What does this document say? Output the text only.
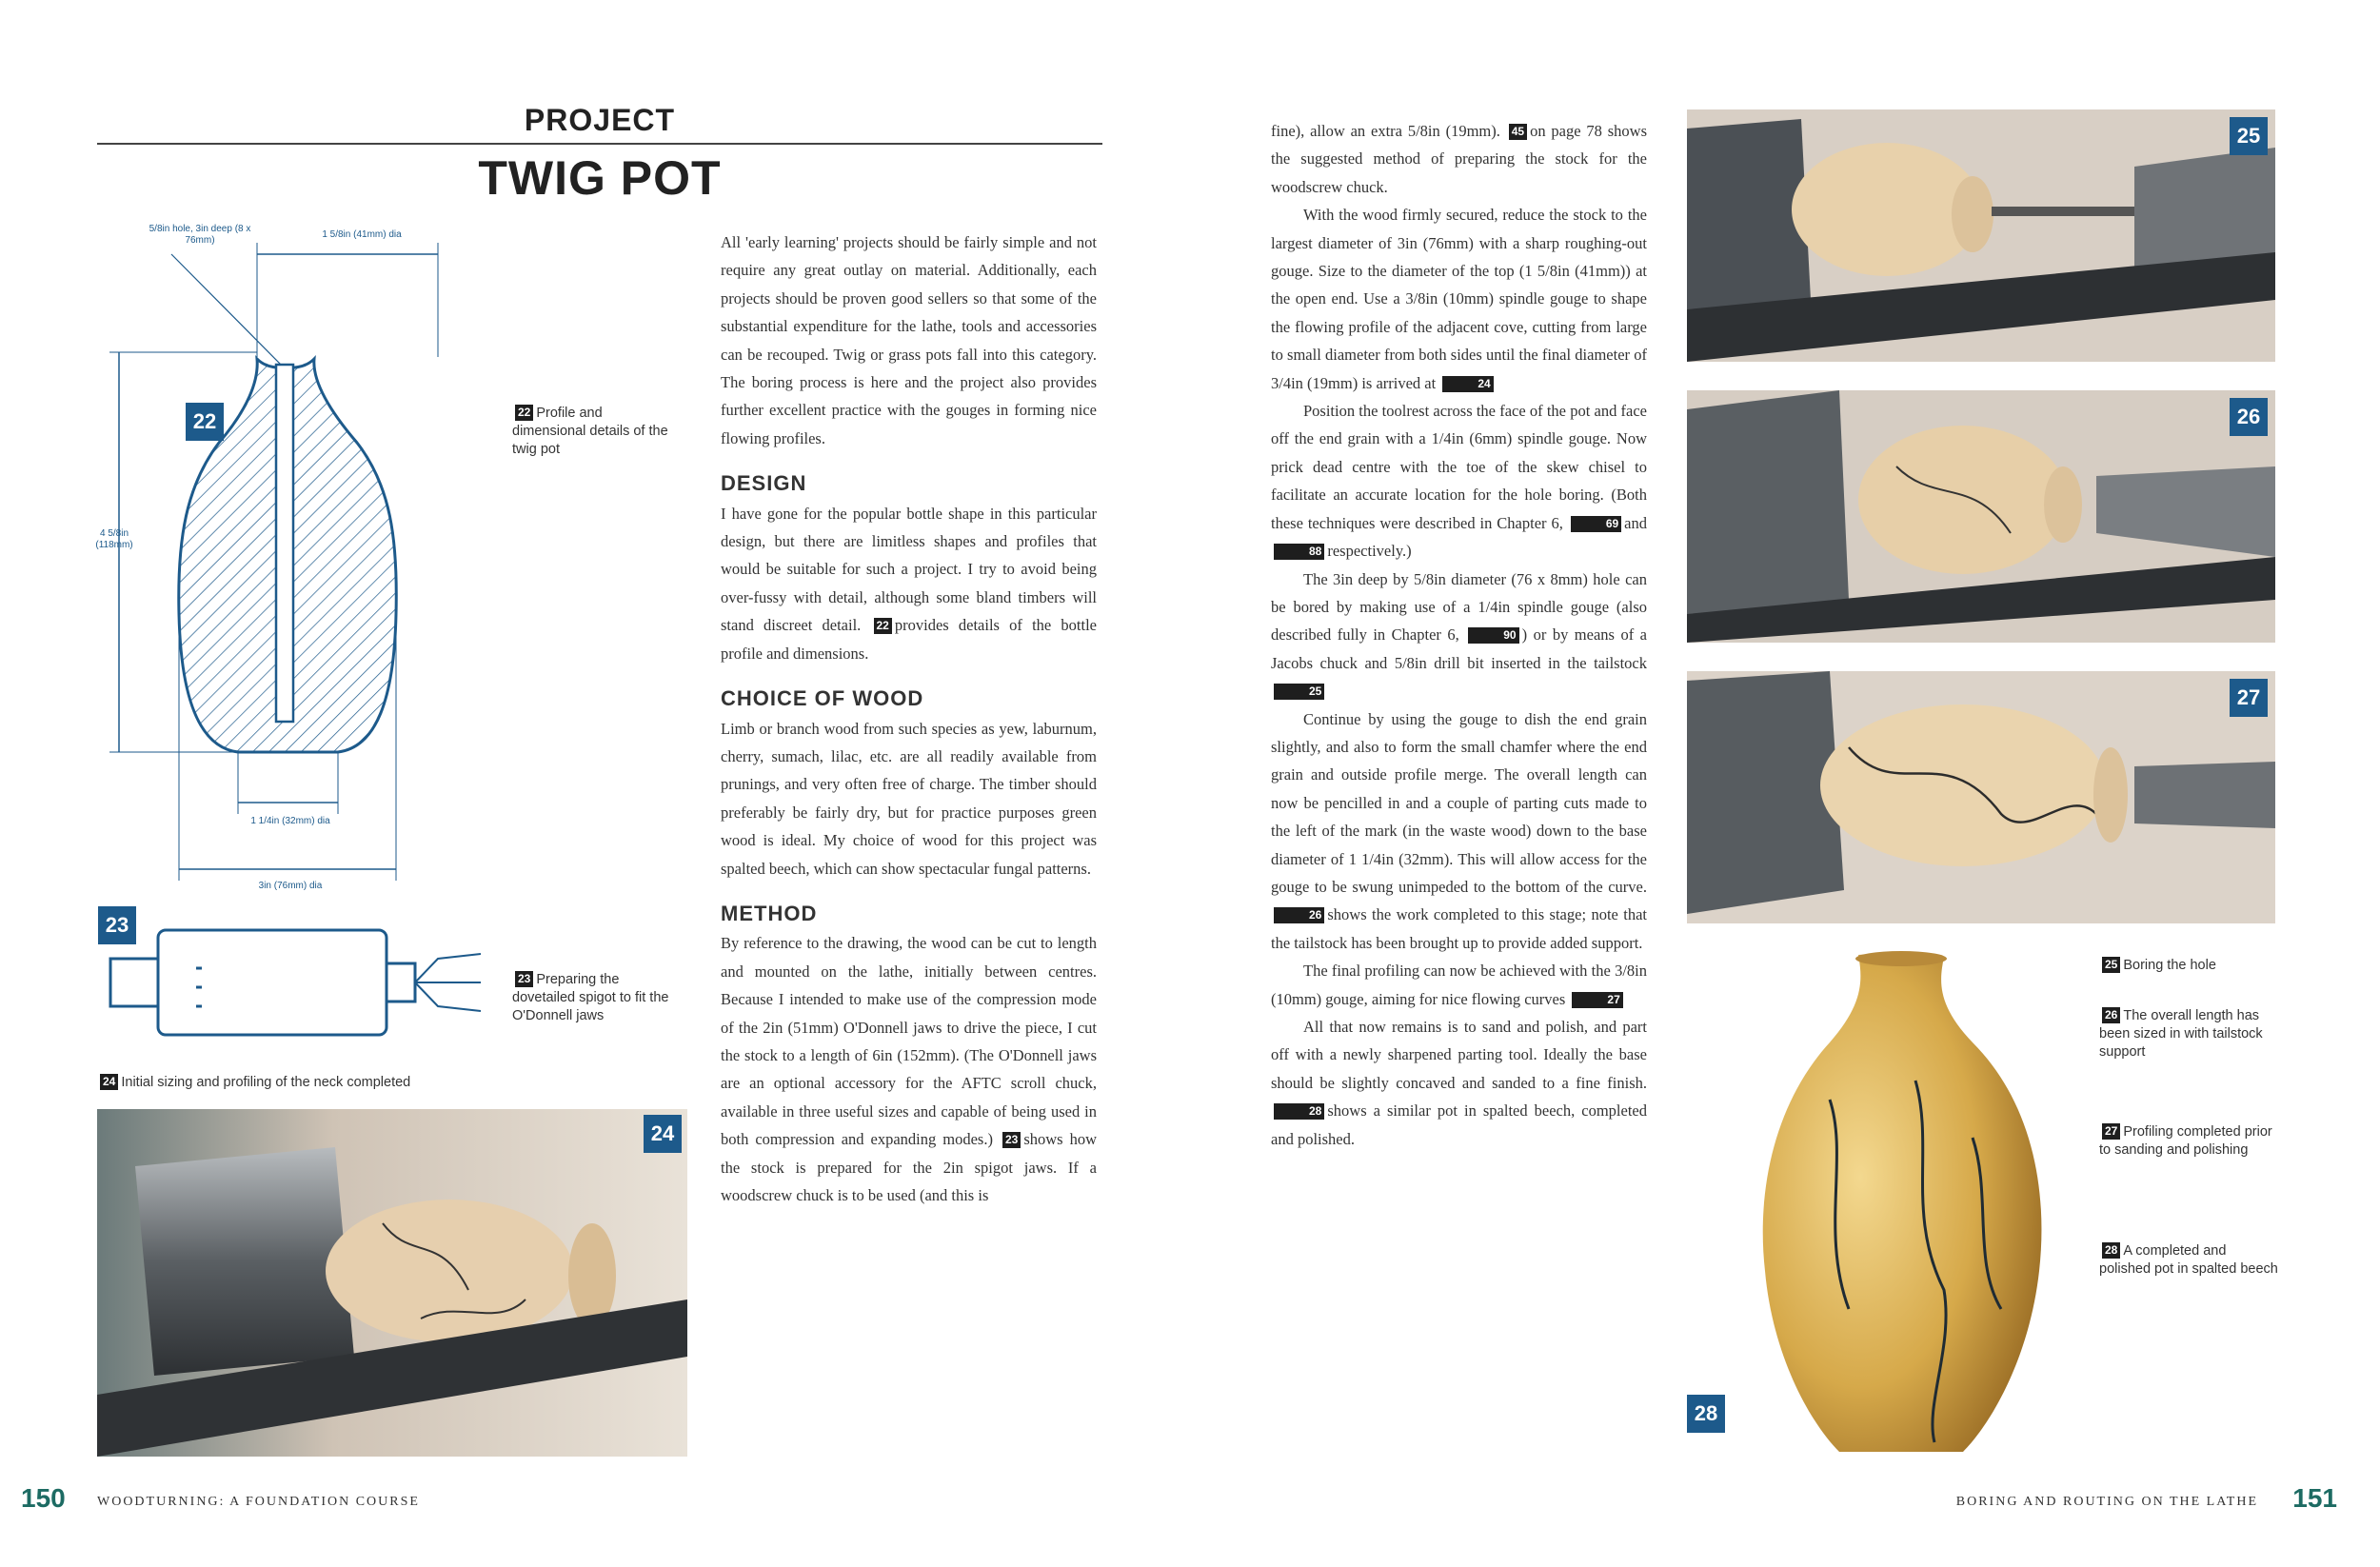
PROJECT
TWIG POT
5/8in hole, 3in deep (8 x 76mm)
1 5/8in (41mm) dia
4 5/8in (118mm)
1 1/4in (32mm) dia
3in (76mm) dia
22	22 Profile and dimensional details of the twig pot
23
23 Preparing the dovetailed spigot to fit the O'Donnell jaws
24 Initial sizing and profiling of the neck completed
24

All 'early learning' projects should be fairly simple and not require any great outlay on material. Additionally, each projects should be proven good sellers so that some of the substantial expenditure for the lathe, tools and accessories can be recouped. Twig or grass pots fall into this category. The boring process is here and the project also provides further excellent practice with the gouges in forming nice flowing profiles.

DESIGN

I have gone for the popular bottle shape in this particular design, but there are limitless shapes and profiles that would be suitable for such a project. I try to avoid being over-fussy with detail, although some bland timbers will stand discreet detail. 22 provides details of the bottle profile and dimensions.

CHOICE OF WOOD

Limb or branch wood from such species as yew, laburnum, cherry, sumach, lilac, etc. are all readily available from prunings, and very often free of charge. The timber should preferably be fairly dry, but for practice purposes green wood is ideal. My choice of wood for this project was spalted beech, which can show spectacular fungal patterns.

METHOD

By reference to the drawing, the wood can be cut to length and mounted on the lathe, initially between centres. Because I intended to make use of the compression mode of the 2in (51mm) O'Donnell jaws to drive the piece, I cut the stock to a length of 6in (152mm). (The O'Donnell jaws are an optional accessory for the AFTC scroll chuck, available in three useful sizes and capable of being used in both compression and expanding modes.) 23 shows how the stock is prepared for the 2in spigot jaws. If a woodscrew chuck is to be used (and this is

150 WOODTURNING: A FOUNDATION COURSE

fine), allow an extra 5/8in (19mm). 45 on page 78 shows the suggested method of preparing the stock for the woodscrew chuck.

With the wood firmly secured, reduce the stock to the largest diameter of 3in (76mm) with a sharp roughing-out gouge. Size to the diameter of the top (1 5/8in (41mm)) at the open end. Use a 3/8in (10mm) spindle gouge to shape the flowing profile of the adjacent cove, cutting from large to small diameter from both sides until the final diameter of 3/4in (19mm) is arrived at	24

Position the toolrest across the face of the pot and face off the end grain with a 1/4in (6mm) spindle gouge. Now prick dead centre with the toe of the skew chisel to facilitate an accurate location for the hole boring. (Both these techniques were described in Chapter 6,	69 and 88 respectively.)

The 3in deep by 5/8in diameter (76 x 8mm) hole can be bored by making use of a 1/4in spindle gouge (also described fully in Chapter 6,	90 ) or by means of a Jacobs chuck and 5/8in drill bit inserted in the tailstock 25

Continue by using the gouge to dish the end grain slightly, and also to form the small chamfer where the end grain and outside profile merge. The overall length can now be pencilled in and a couple of parting cuts made to the left of the mark (in the waste wood) down to the base diameter of 1 1/4in (32mm). This will allow access for the gouge to be swung unimpeded to the bottom of the curve. 26 shows the work completed to this stage; note that the tailstock has been brought up to provide added support.

The final profiling can now be achieved with the 3/8in (10mm) gouge, aiming for nice flowing curves	27

All that now remains is to sand and polish, and part off with a newly sharpened parting tool. Ideally the base should be slightly concaved and sanded to a fine finish. 28 shows a similar pot in spalted beech, completed and polished.

25
26
27
28
25 Boring the hole
26 The overall length has been sized in with tailstock support
27 Profiling completed prior to sanding and polishing
28 A completed and polished pot in spalted beech
BORING AND ROUTING ON THE LATHE 151
